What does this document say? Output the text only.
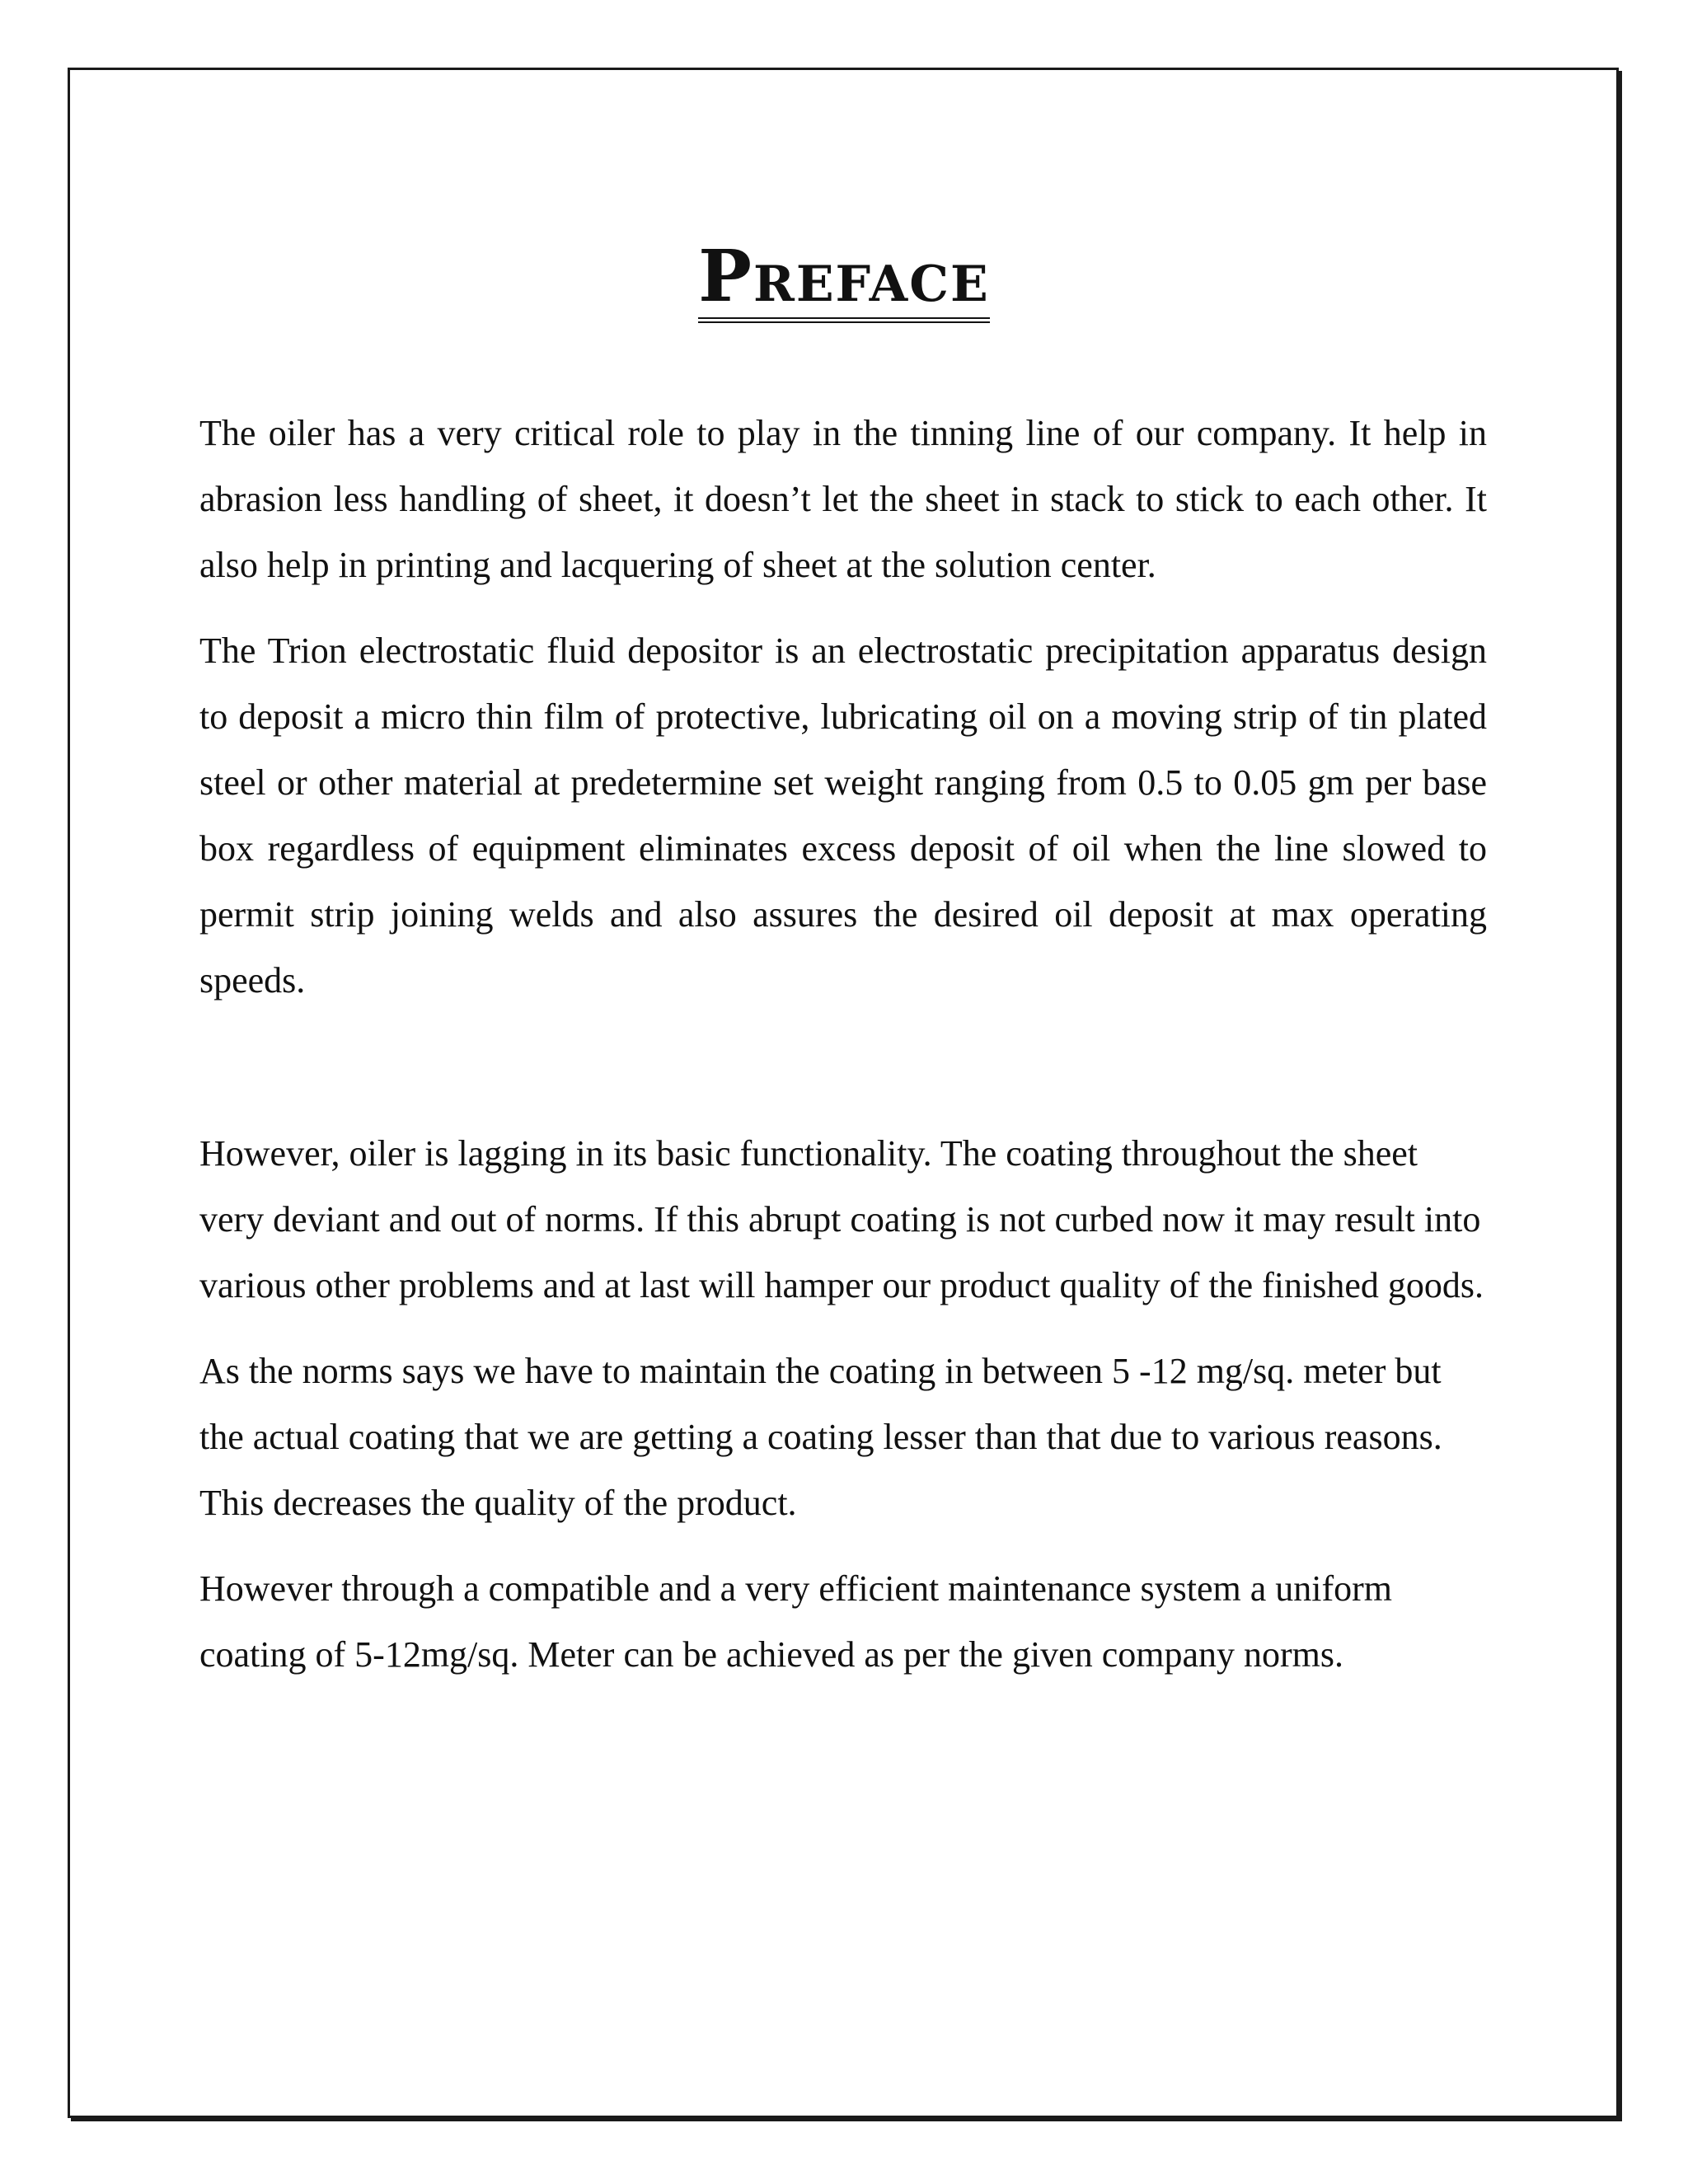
Preface

The oiler has a very critical role to play in the tinning line of our company. It help in abrasion less handling of sheet, it doesn’t let the sheet in stack to stick to each other. It also help in printing and lacquering of sheet at the solution center.

The Trion electrostatic fluid depositor is an electrostatic precipitation apparatus design to deposit a micro thin film of protective, lubricating oil on a moving strip of tin plated steel or other material at predetermine set weight ranging from 0.5 to 0.05 gm per base box regardless of equipment eliminates excess deposit of oil when the line slowed to permit strip joining welds and also assures the desired oil deposit at max operating speeds.

However, oiler is lagging in its basic functionality. The coating throughout the sheet very deviant and out of norms. If this abrupt coating is not curbed now it may result into various other problems and at last will hamper our product quality of the finished goods.

As the norms says we have to maintain the coating in between 5 -12 mg/sq. meter but the actual coating that we are getting a coating lesser than that due to various reasons. This decreases the quality of the product.

However through a compatible and a very efficient maintenance system a uniform coating of 5-12mg/sq. Meter can be achieved as per the given company norms.
